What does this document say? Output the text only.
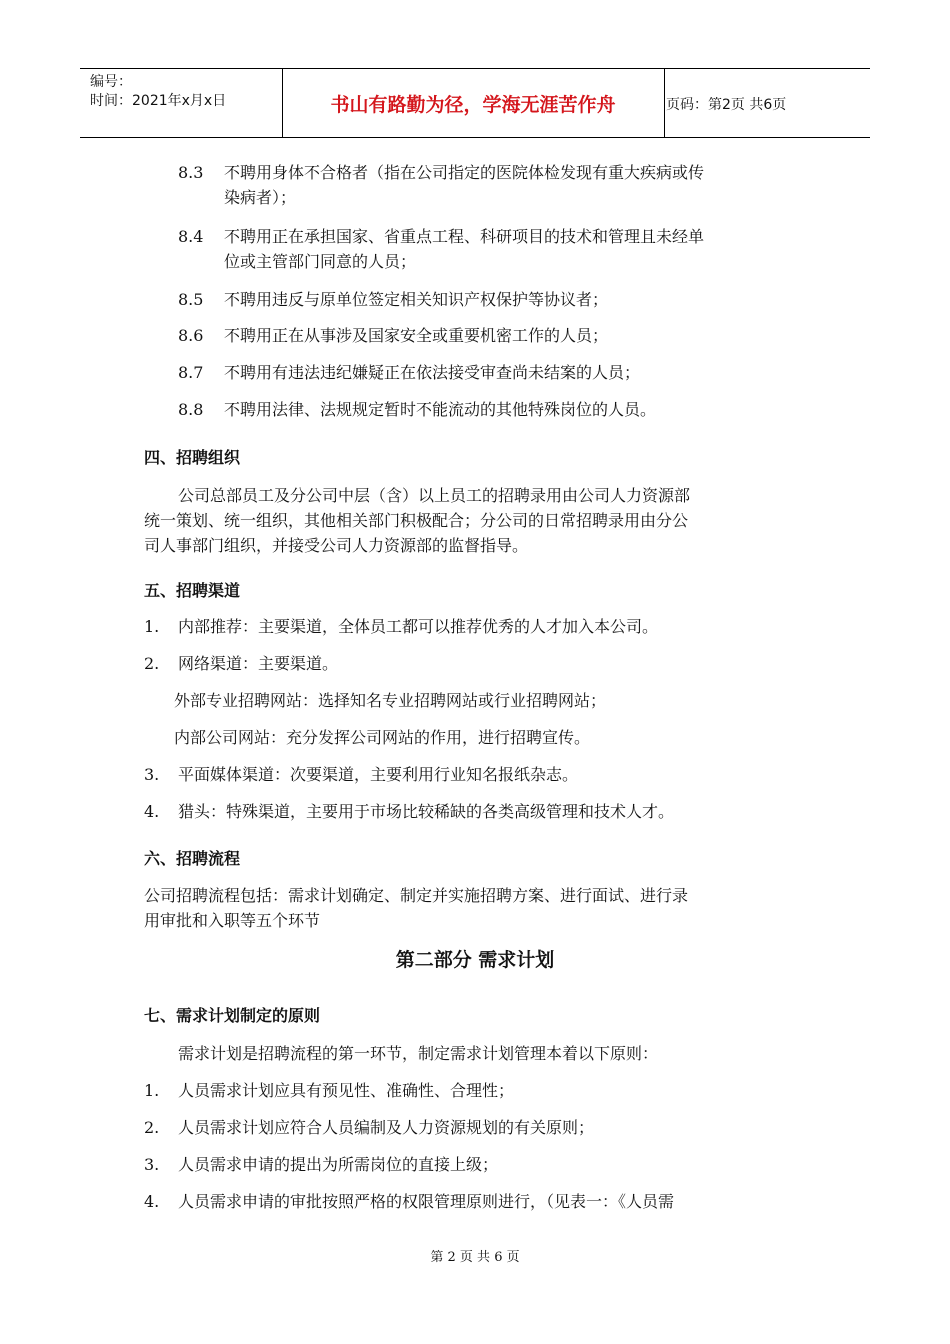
编号：
时间：2021年x月x日	书山有路勤为径，学海无涯苦作舟	页码：第2页 共6页
8.3 不聘用身体不合格者（指在公司指定的医院体检发现有重大疾病或传
染病者）；
8.4 不聘用正在承担国家、省重点工程、科研项目的技术和管理且未经单
位或主管部门同意的人员；
8.5 不聘用违反与原单位签定相关知识产权保护等协议者；
8.6 不聘用正在从事涉及国家安全或重要机密工作的人员；
8.7 不聘用有违法违纪嫌疑正在依法接受审查尚未结案的人员；
8.8 不聘用法律、法规规定暂时不能流动的其他特殊岗位的人员。
四、招聘组织
公司总部员工及分公司中层（含）以上员工的招聘录用由公司人力资源部
统一策划、统一组织，其他相关部门积极配合；分公司的日常招聘录用由分公
司人事部门组织，并接受公司人力资源部的监督指导。
五、招聘渠道
1. 内部推荐：主要渠道，全体员工都可以推荐优秀的人才加入本公司。
2. 网络渠道：主要渠道。
外部专业招聘网站：选择知名专业招聘网站或行业招聘网站；
内部公司网站：充分发挥公司网站的作用，进行招聘宣传。
3. 平面媒体渠道：次要渠道，主要利用行业知名报纸杂志。
4. 猎头：特殊渠道，主要用于市场比较稀缺的各类高级管理和技术人才。
六、招聘流程
公司招聘流程包括：需求计划确定、制定并实施招聘方案、进行面试、进行录
用审批和入职等五个环节
第二部分 需求计划
七、需求计划制定的原则
需求计划是招聘流程的第一环节，制定需求计划管理本着以下原则：
1. 人员需求计划应具有预见性、准确性、合理性；
2. 人员需求计划应符合人员编制及人力资源规划的有关原则；
3. 人员需求申请的提出为所需岗位的直接上级；
4. 人员需求申请的审批按照严格的权限管理原则进行，（见表一：《人员需
第 2 页 共 6 页
